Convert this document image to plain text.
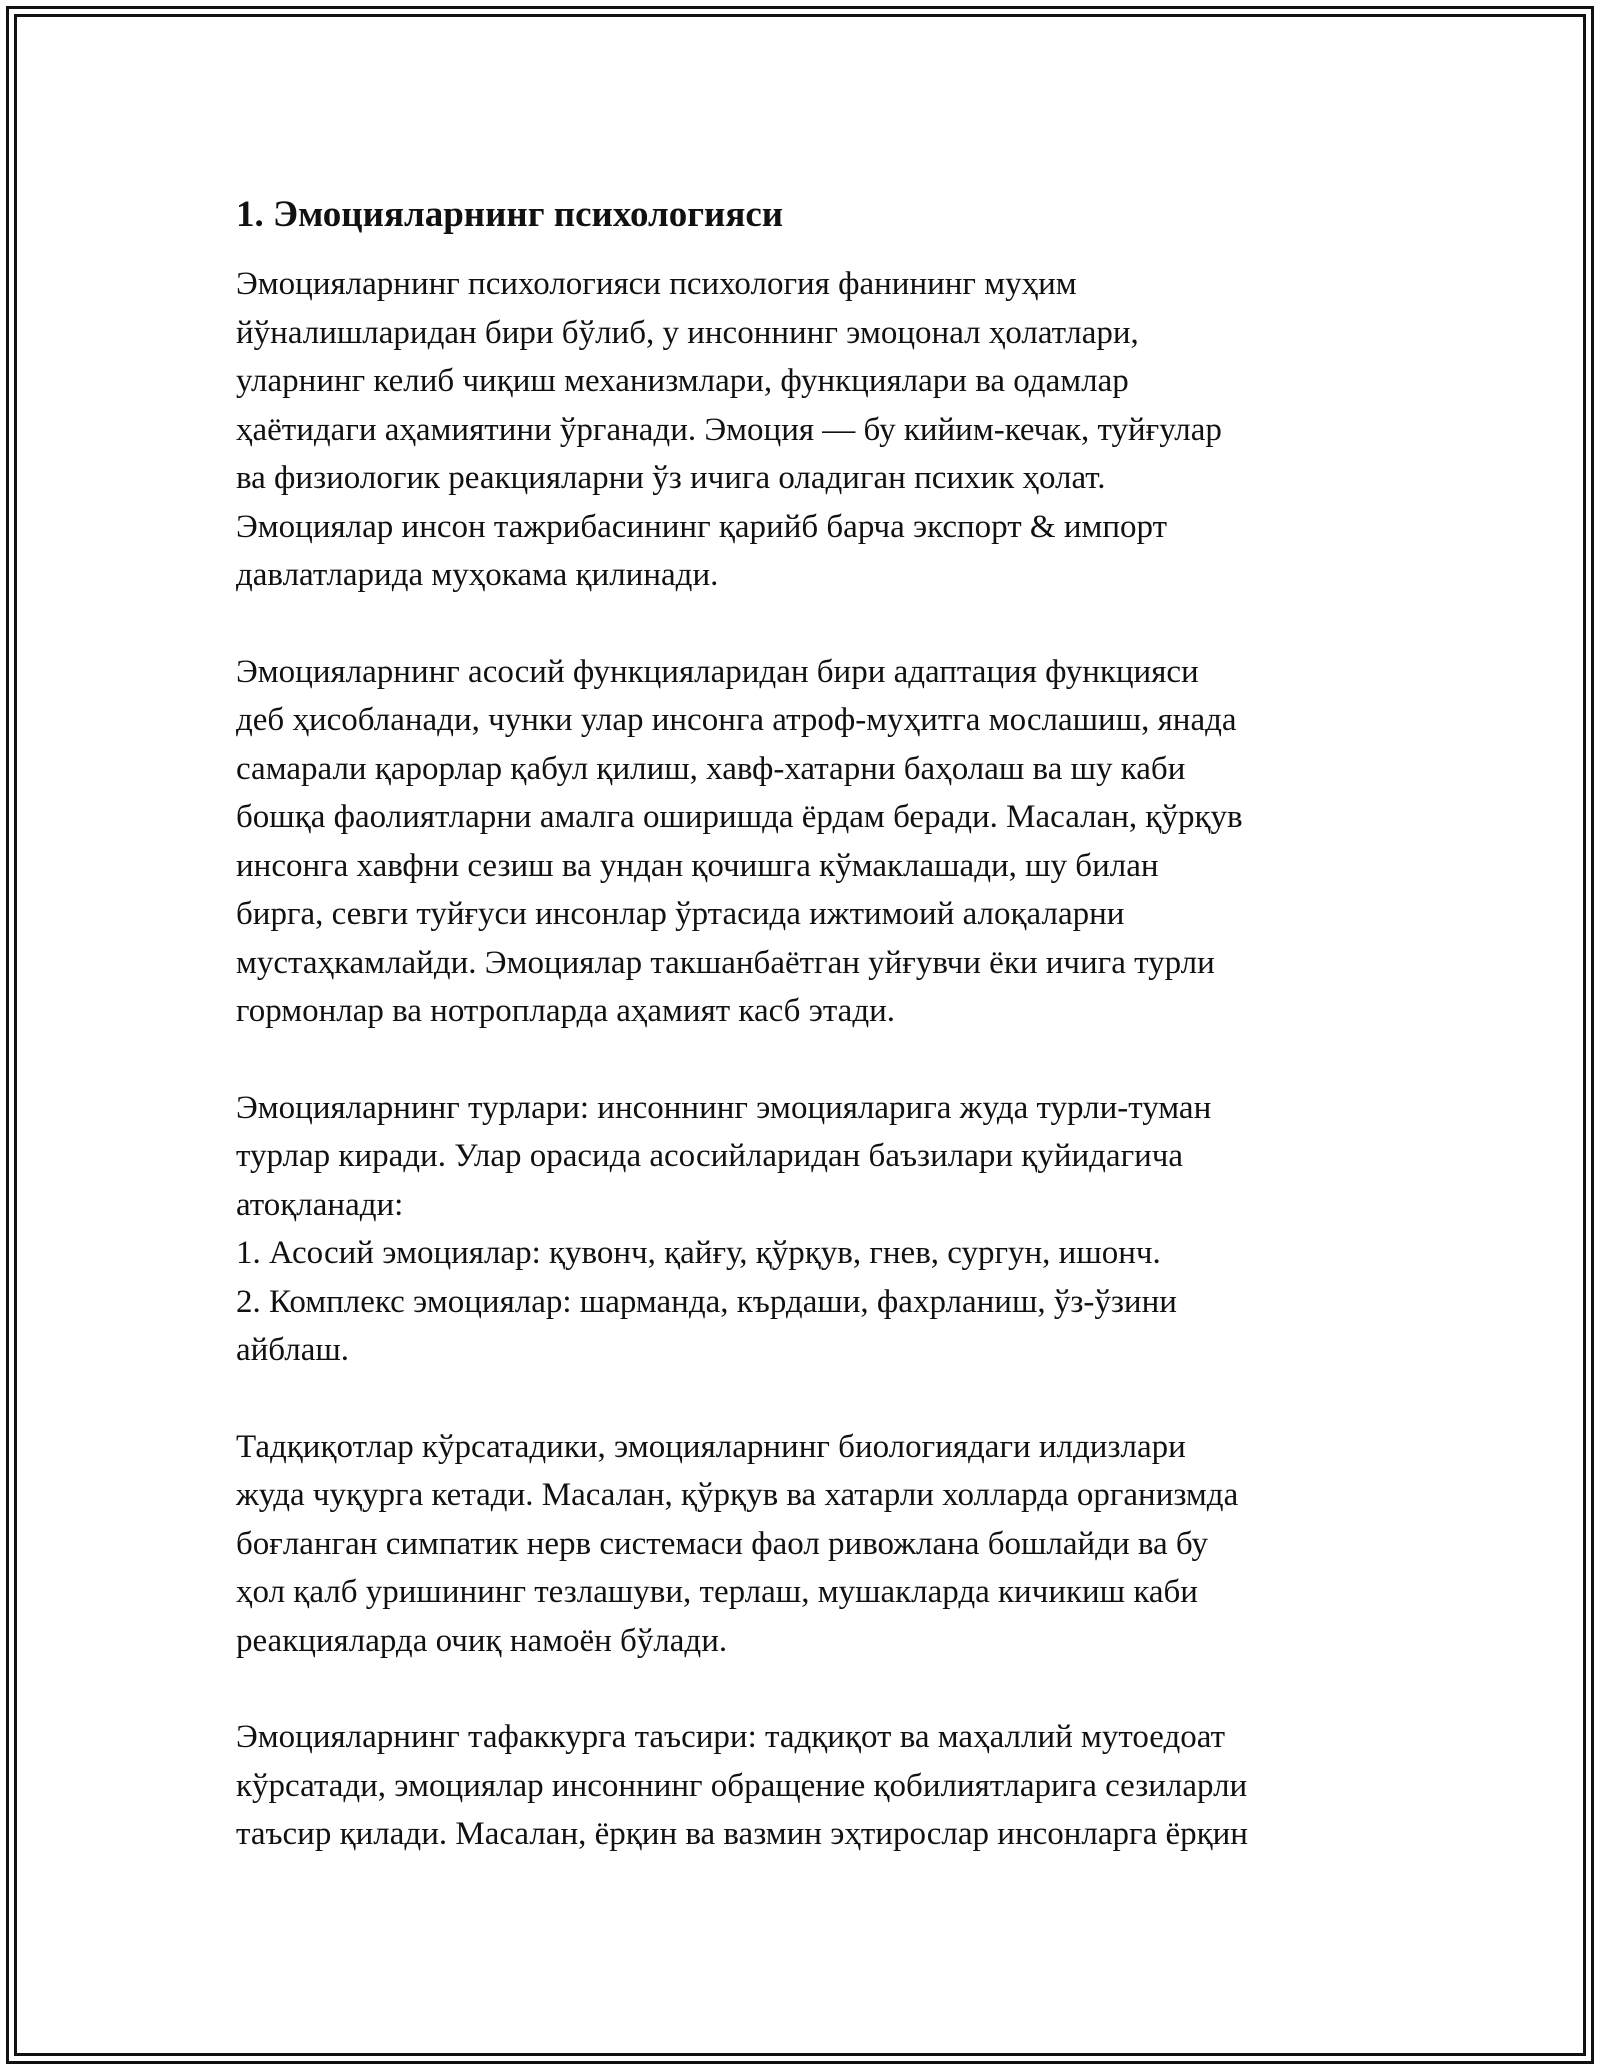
1. Эмоцияларнинг психологияси
Эмоцияларнинг психологияси психология фанининг муҳим
йўналишларидан бири бўлиб, у инсоннинг эмоцонал ҳолатлари,
уларнинг келиб чиқиш механизмлари, функциялари ва одамлар
ҳаётидаги аҳамиятини ўрганади. Эмоция — бу кийим-кечак, туйғулар
ва физиологик реакцияларни ўз ичига оладиган психик ҳолат.
Эмоциялар инсон тажрибасининг қарийб барча экспорт & импорт
давлатларида муҳокама қилинади.
Эмоцияларнинг асосий функцияларидан бири адаптация функцияси
деб ҳисобланади, чунки улар инсонга атроф-муҳитга мослашиш, янада
самарали қарорлар қабул қилиш, хавф-хатарни баҳолаш ва шу каби
бошқа фаолиятларни амалга оширишда ёрдам беради. Масалан, қўрқув
инсонга хавфни сезиш ва ундан қочишга кўмаклашади, шу билан
бирга, севги туйғуси инсонлар ўртасида ижтимоий алоқаларни
мустаҳкамлайди. Эмоциялар такшанбаётган уйғувчи ёки ичига турли
гормонлар ва нотропларда аҳамият касб этади.
Эмоцияларнинг турлари: инсоннинг эмоцияларига жуда турли-туман
турлар киради. Улар орасида асосийларидан баъзилари қуйидагича
атоқланади:
1. Асосий эмоциялар: қувонч, қайғу, қўрқув, гнев, сургун, ишонч.
2. Комплекс эмоциялар: шарманда, кърдаши, фахрланиш, ўз-ўзини
айблаш.
Тадқиқотлар кўрсатадики, эмоцияларнинг биологиядаги илдизлари
жуда чуқурга кетади. Масалан, қўрқув ва хатарли холларда организмда
боғланган симпатик нерв системаси фаол ривожлана бошлайди ва бу
ҳол қалб уришининг тезлашуви, терлаш, мушакларда кичикиш каби
реакцияларда очиқ намоён бўлади.
Эмоцияларнинг тафаккурга таъсири: тадқиқот ва маҳаллий мутоедоат
кўрсатади, эмоциялар инсоннинг обращение қобилиятларига сезиларли
таъсир қилади. Масалан, ёрқин ва вазмин эҳтирослар инсонларга ёрқин
